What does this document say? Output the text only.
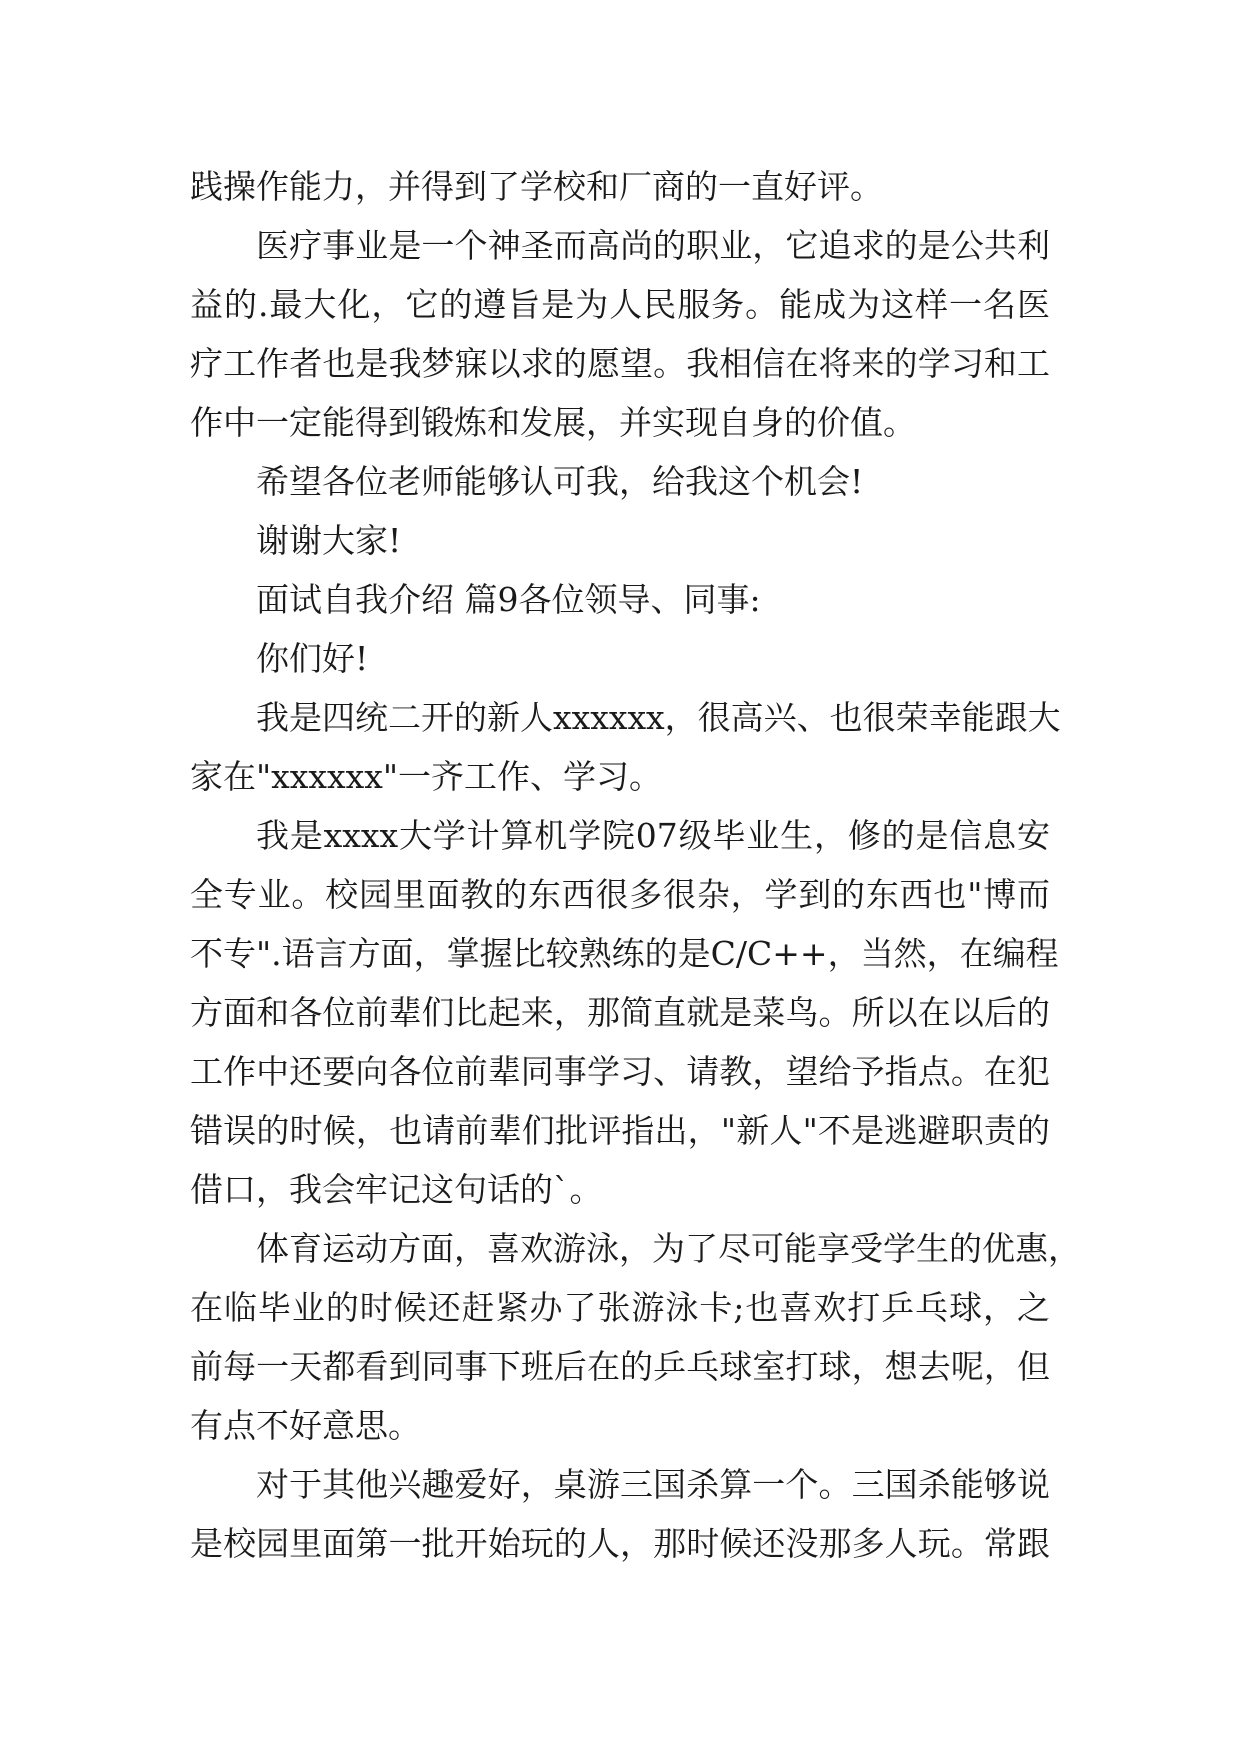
践操作能力，并得到了学校和厂商的一直好评。
医疗事业是一个神圣而高尚的职业，它追求的是公共利
益的.最大化，它的遵旨是为人民服务。能成为这样一名医
疗工作者也是我梦寐以求的愿望。我相信在将来的学习和工
作中一定能得到锻炼和发展，并实现自身的价值。
希望各位老师能够认可我，给我这个机会!
谢谢大家!
面试自我介绍 篇9各位领导、同事:
你们好!
我是四统二开的新人xxxxxx，很高兴、也很荣幸能跟大
家在"xxxxxx"一齐工作、学习。
我是xxxx大学计算机学院07级毕业生，修的是信息安
全专业。校园里面教的东西很多很杂，学到的东西也"博而
不专".语言方面，掌握比较熟练的是C/C++，当然，在编程
方面和各位前辈们比起来，那简直就是菜鸟。所以在以后的
工作中还要向各位前辈同事学习、请教，望给予指点。在犯
错误的时候，也请前辈们批评指出，"新人"不是逃避职责的
借口，我会牢记这句话的`。
体育运动方面，喜欢游泳，为了尽可能享受学生的优惠，
在临毕业的时候还赶紧办了张游泳卡;也喜欢打乒乓球，之
前每一天都看到同事下班后在的乒乓球室打球，想去呢，但
有点不好意思。
对于其他兴趣爱好，桌游三国杀算一个。三国杀能够说
是校园里面第一批开始玩的人，那时候还没那多人玩。常跟
